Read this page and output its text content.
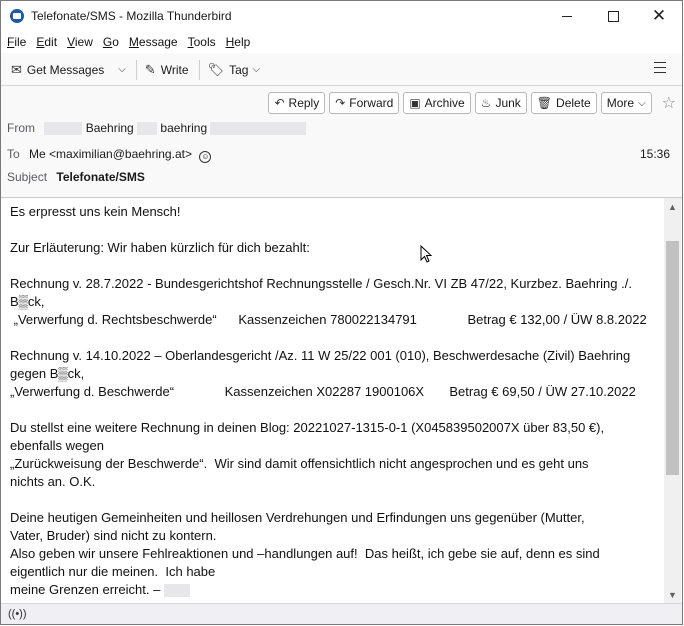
Telefonate/SMS - Mozilla Thunderbird	✕
File Edit View Go Message Tools Help
✉ Get Messages ⌵ ✎ Write 🏷 Tag ⌵
↶ Reply ↷ Forward ▣ Archive ♨ Junk 🗑 Delete More ⌵ ☆
From	Baehring baehring
To Me <maximilian@baehring.at> ☺	15:36
Subject Telefonate/SMS
Es erpresst uns kein Mensch!
Zur Erläuterung: Wir haben kürzlich für dich bezahlt:
Rechnung v. 28.7.2022 - Bundesgerichtshof Rechnungsstelle / Gesch.Nr. VI ZB 47/22, Kurzbez. Baehring ./.
B▒ck,
„Verwerfung d. Rechtsbeschwerde“      Kassenzeichen 780022134791              Betrag € 132,00 / ÜW 8.8.2022
Rechnung v. 14.10.2022 – Oberlandesgericht /Az. 11 W 25/22 001 (010), Beschwerdesache (Zivil) Baehring
gegen B▒ck,
„Verwerfung d. Beschwerde“              Kassenzeichen X02287 1900106X       Betrag € 69,50 / ÜW 27.10.2022
Du stellst eine weitere Rechnung in deinen Blog: 20221027-1315-0-1 (X045839502007X über 83,50 €),
ebenfalls wegen
„Zurückweisung der Beschwerde“.  Wir sind damit offensichtlich nicht angesprochen und es geht uns
nichts an. O.K.
Deine heutigen Gemeinheiten und heillosen Verdrehungen und Erfindungen uns gegenüber (Mutter,
Vater, Bruder) sind nicht zu kontern.
Also geben wir unsere Fehlreaktionen und –handlungen auf!  Das heißt, ich gebe sie auf, denn es sind
eigentlich nur die meinen.  Ich habe
meine Grenzen erreicht. –
▲
▼
((•))
